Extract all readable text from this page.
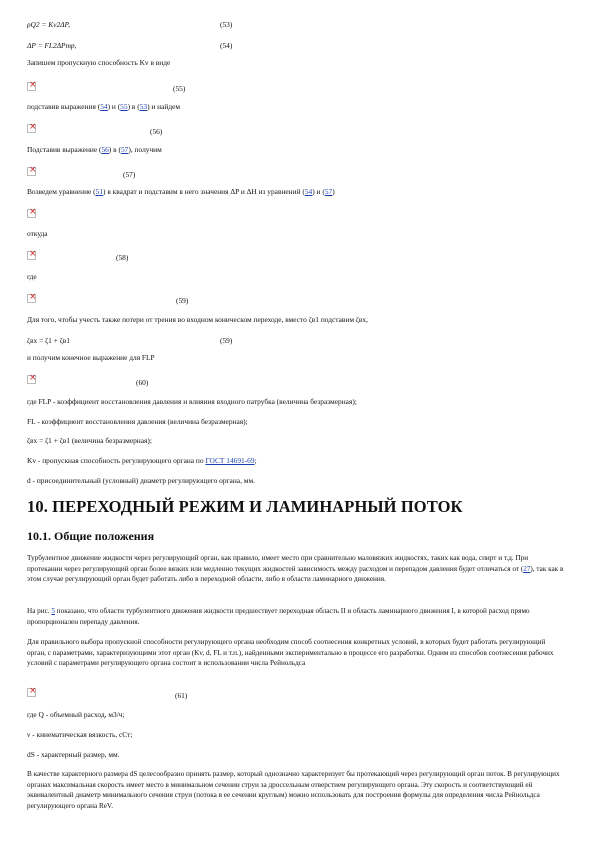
ρQ2 = Kv2ΔP,	(53)
ΔP = FL2ΔPmp,	(54)
Запишем пропускную способность Kv в виде
×
(55)
подставив выражения (54) и (55) в (53) и найдем
×
(56)
Подставив выражение (56) в (57), получим
×
(57)
Возведем уравнение (51) в квадрат и подставим в него значения ΔP и ΔH из уравнений (54) и (57)
×
откуда
×
(58)
где
×
(59)
Для того, чтобы учесть также потери от трения во входном коническом переходе, вместо ζв1 подставим ζвх,
ζвх = ζ1 + ζв1	(59)
и получим конечное выражение для FLP
×
(60)
где FLP - коэффициент восстановления давления и влияния входного патрубка (величина безразмерная);
FL - коэффициент восстановления давления (величина безразмерная);
ζвх = ζ1 + ζв1 (величина безразмерная);
Kv - пропускная способность регулирующего органа по ГОСТ 14691-69;
d - присоединительный (условный) диаметр регулирующего органа, мм.
10. ПЕРЕХОДНЫЙ РЕЖИМ И ЛАМИНАРНЫЙ ПОТОК
10.1. Общие положения
Турбулентное движение жидкости через регулирующий орган, как правило, имеет место при сравнительно маловязких жидкостях, таких как вода, спирт и т.д. При протекании через регулирующий орган более вязких или медленно текущих жидкостей зависимость между расходом и перепадом давления будет отличаться от (27), так как в этом случае регулирующий орган будет работать либо в переходной области, либо в области ламинарного движения.
На рис. 5 показано, что области турбулентного движения жидкости предшествует переходная область II и область ламинарного движения I, в которой расход прямо пропорционален перепаду давления.
Для правильного выбора пропускной способности регулирующего органа необходим способ соотнесения конкретных условий, в которых будет работать регулирующий орган, с параметрами, характеризующими этот орган (Kv, d, FL и т.п.), найденными экспериментально в процессе его разработки. Одним из способов соотнесения рабочих условий с параметрами регулирующего органа состоит в использовании числа Рейнольдса
×
(61)
где Q - объемный расход, м3/ч;
ν - кинематическая вязкость, сСт;
dS - характерный размер, мм.
В качестве характерного размера dS целесообразно принять размер, который однозначно характеризует бы протекающий через регулирующий орган поток. В регулирующих органах максимальная скорость имеет место в минимальном сечении струи за дроссельным отверстием регулирующего органа. Эту скорость и соответствующий ей эквивалентный диаметр минимального сечения струи (потока в ее сечении круглым) можно использовать для построения формулы для определения числа Рейнольдса регулирующего органа ReV.
